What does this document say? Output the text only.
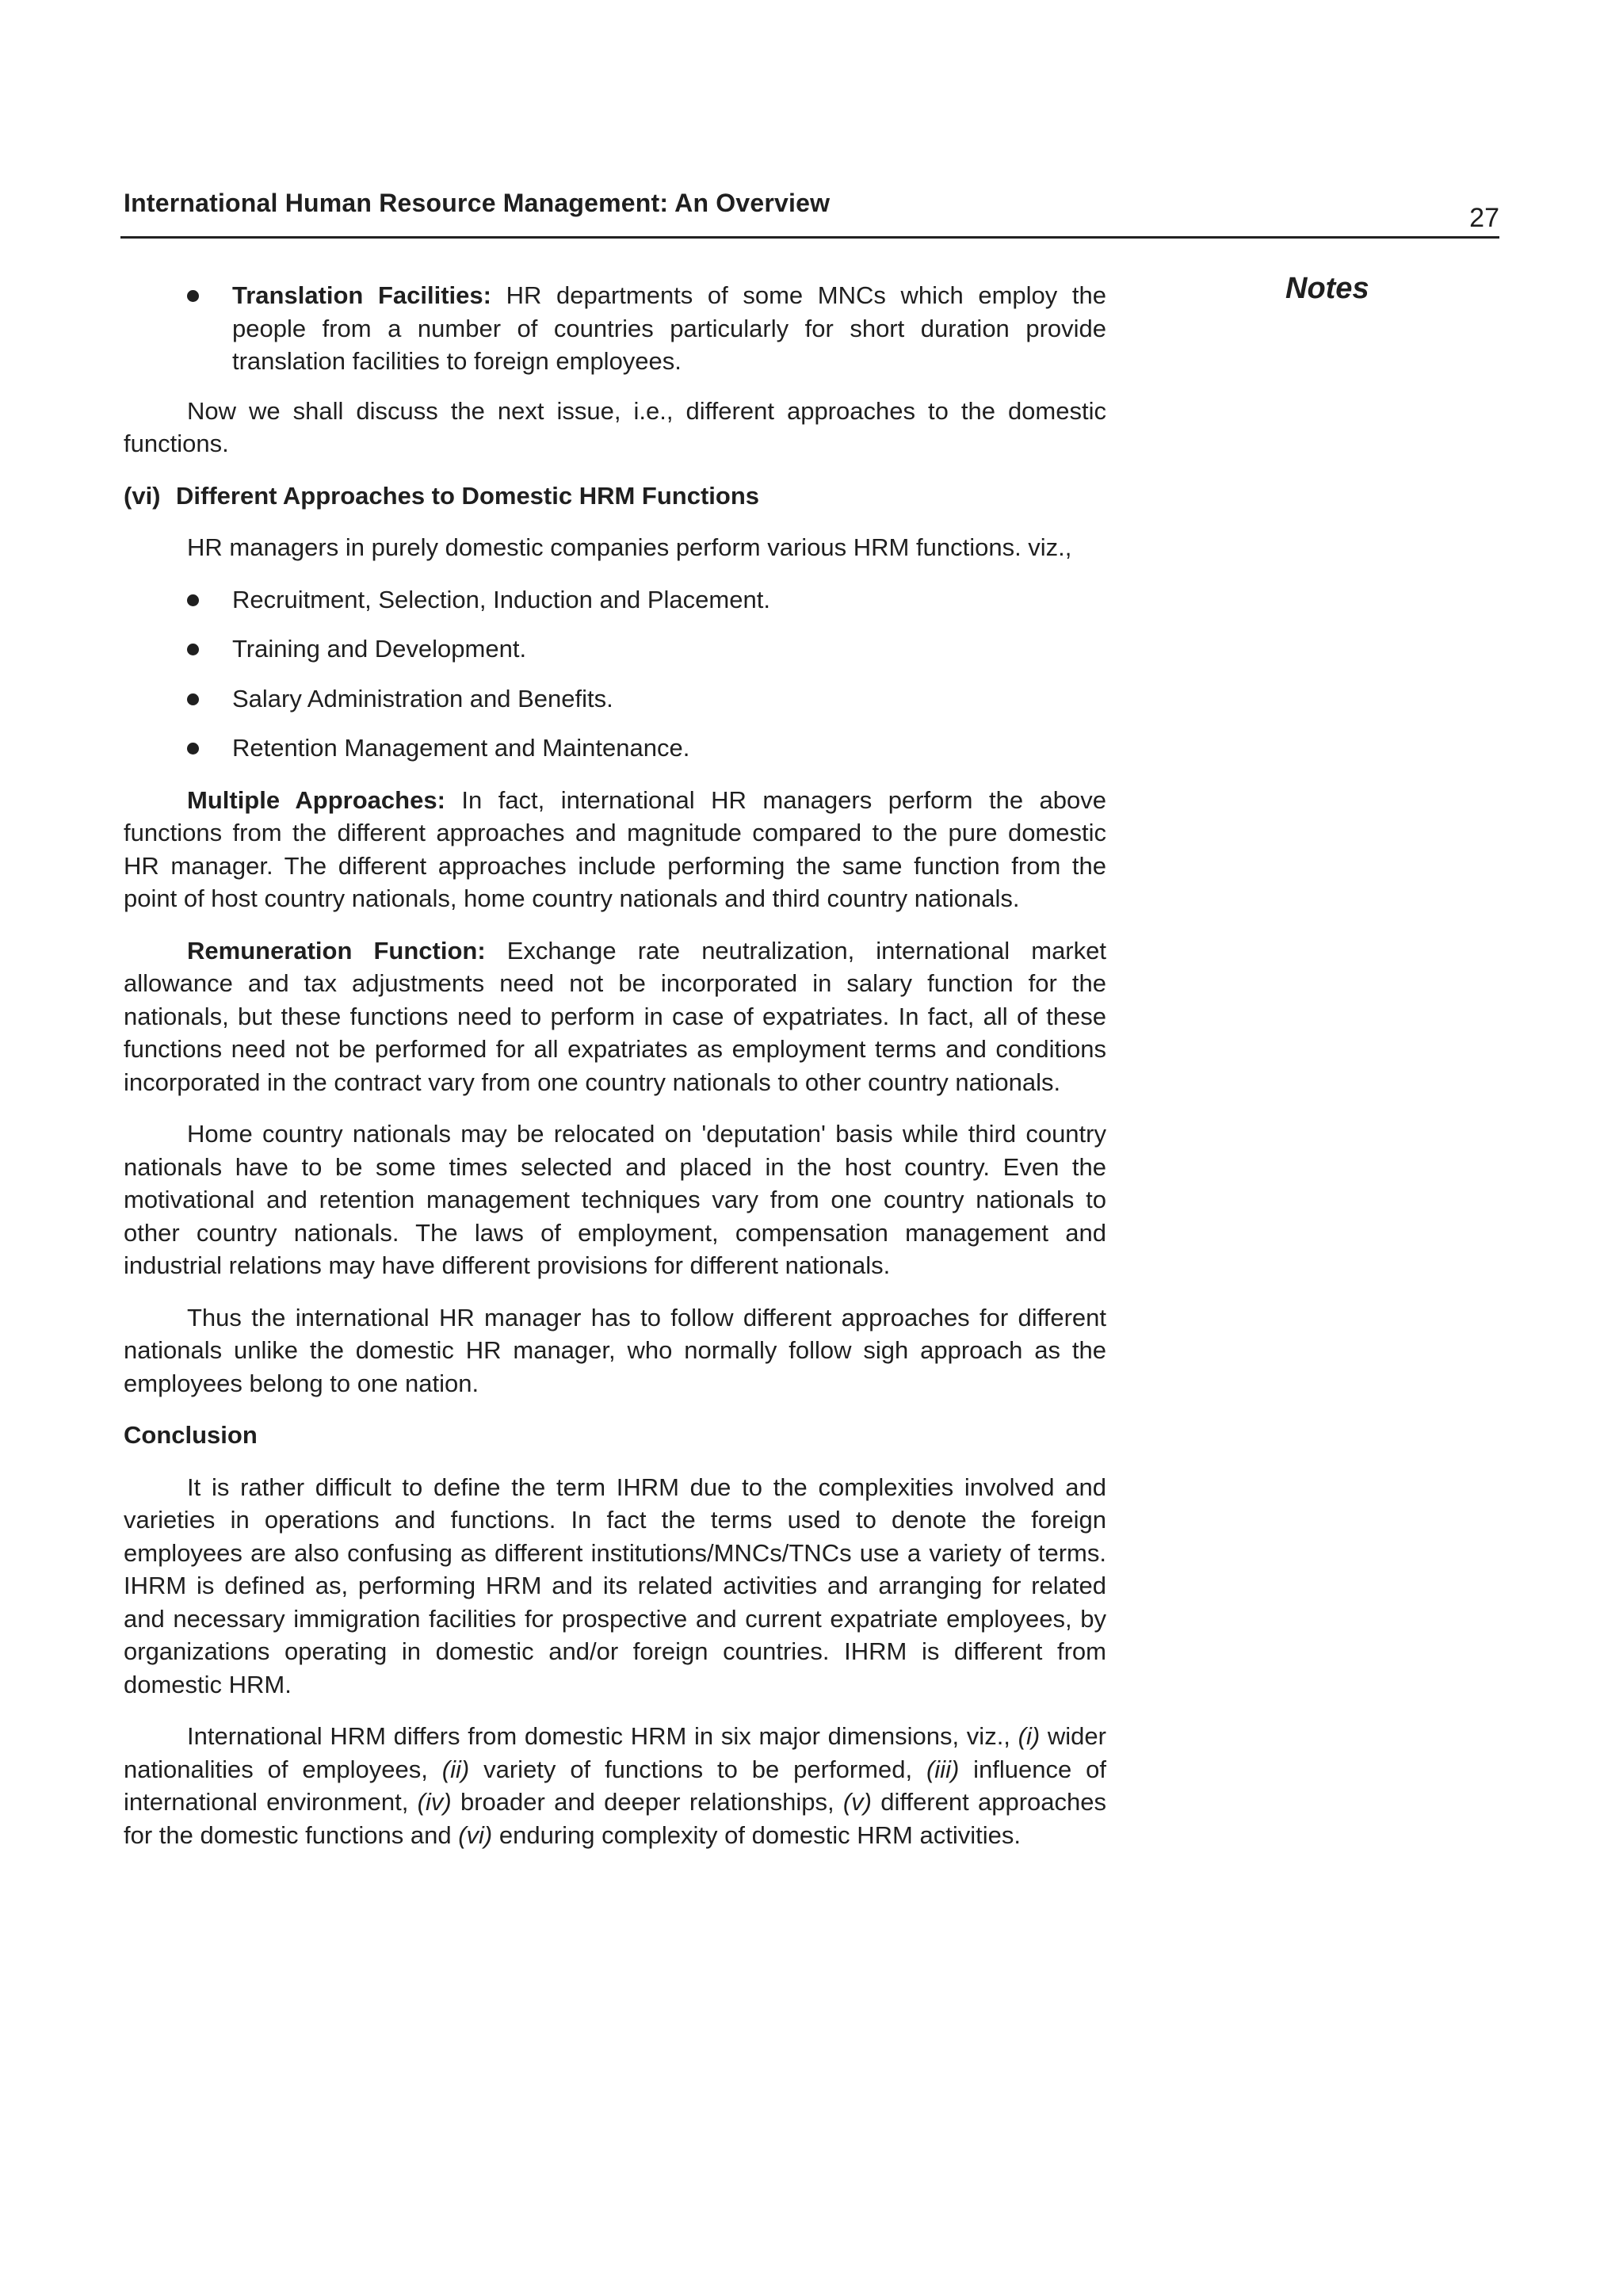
International Human Resource Management: An Overview	27
Notes
Translation Facilities: HR departments of some MNCs which employ the people from a number of countries particularly for short duration provide translation facilities to foreign employees.

Now we shall discuss the next issue, i.e., different approaches to the domestic functions.

(vi) Different Approaches to Domestic HRM Functions

HR managers in purely domestic companies perform various HRM functions. viz.,

Recruitment, Selection, Induction and Placement.
Training and Development.
Salary Administration and Benefits.
Retention Management and Maintenance.

Multiple Approaches: In fact, international HR managers perform the above functions from the different approaches and magnitude compared to the pure domestic HR manager. The different approaches include performing the same function from the point of host country nationals, home country nationals and third country nationals.

Remuneration Function: Exchange rate neutralization, international market allowance and tax adjustments need not be incorporated in salary function for the nationals, but these functions need to perform in case of expatriates. In fact, all of these functions need not be performed for all expatriates as employment terms and conditions incorporated in the contract vary from one country nationals to other country nationals.

Home country nationals may be relocated on 'deputation' basis while third country nationals have to be some times selected and placed in the host country. Even the motivational and retention management techniques vary from one country nationals to other country nationals. The laws of employment, compensation management and industrial relations may have different provisions for different nationals.

Thus the international HR manager has to follow different approaches for different nationals unlike the domestic HR manager, who normally follow sigh approach as the employees belong to one nation.

Conclusion

It is rather difficult to define the term IHRM due to the complexities involved and varieties in operations and functions. In fact the terms used to denote the foreign employees are also confusing as different institutions/MNCs/TNCs use a variety of terms. IHRM is defined as, performing HRM and its related activities and arranging for related and necessary immigration facilities for prospective and current expatriate employees, by organizations operating in domestic and/or foreign countries. IHRM is different from domestic HRM.

International HRM differs from domestic HRM in six major dimensions, viz., (i) wider nationalities of employees, (ii) variety of functions to be performed, (iii) influence of international environment, (iv) broader and deeper relationships, (v) different approaches for the domestic functions and (vi) enduring complexity of domestic HRM activities.
